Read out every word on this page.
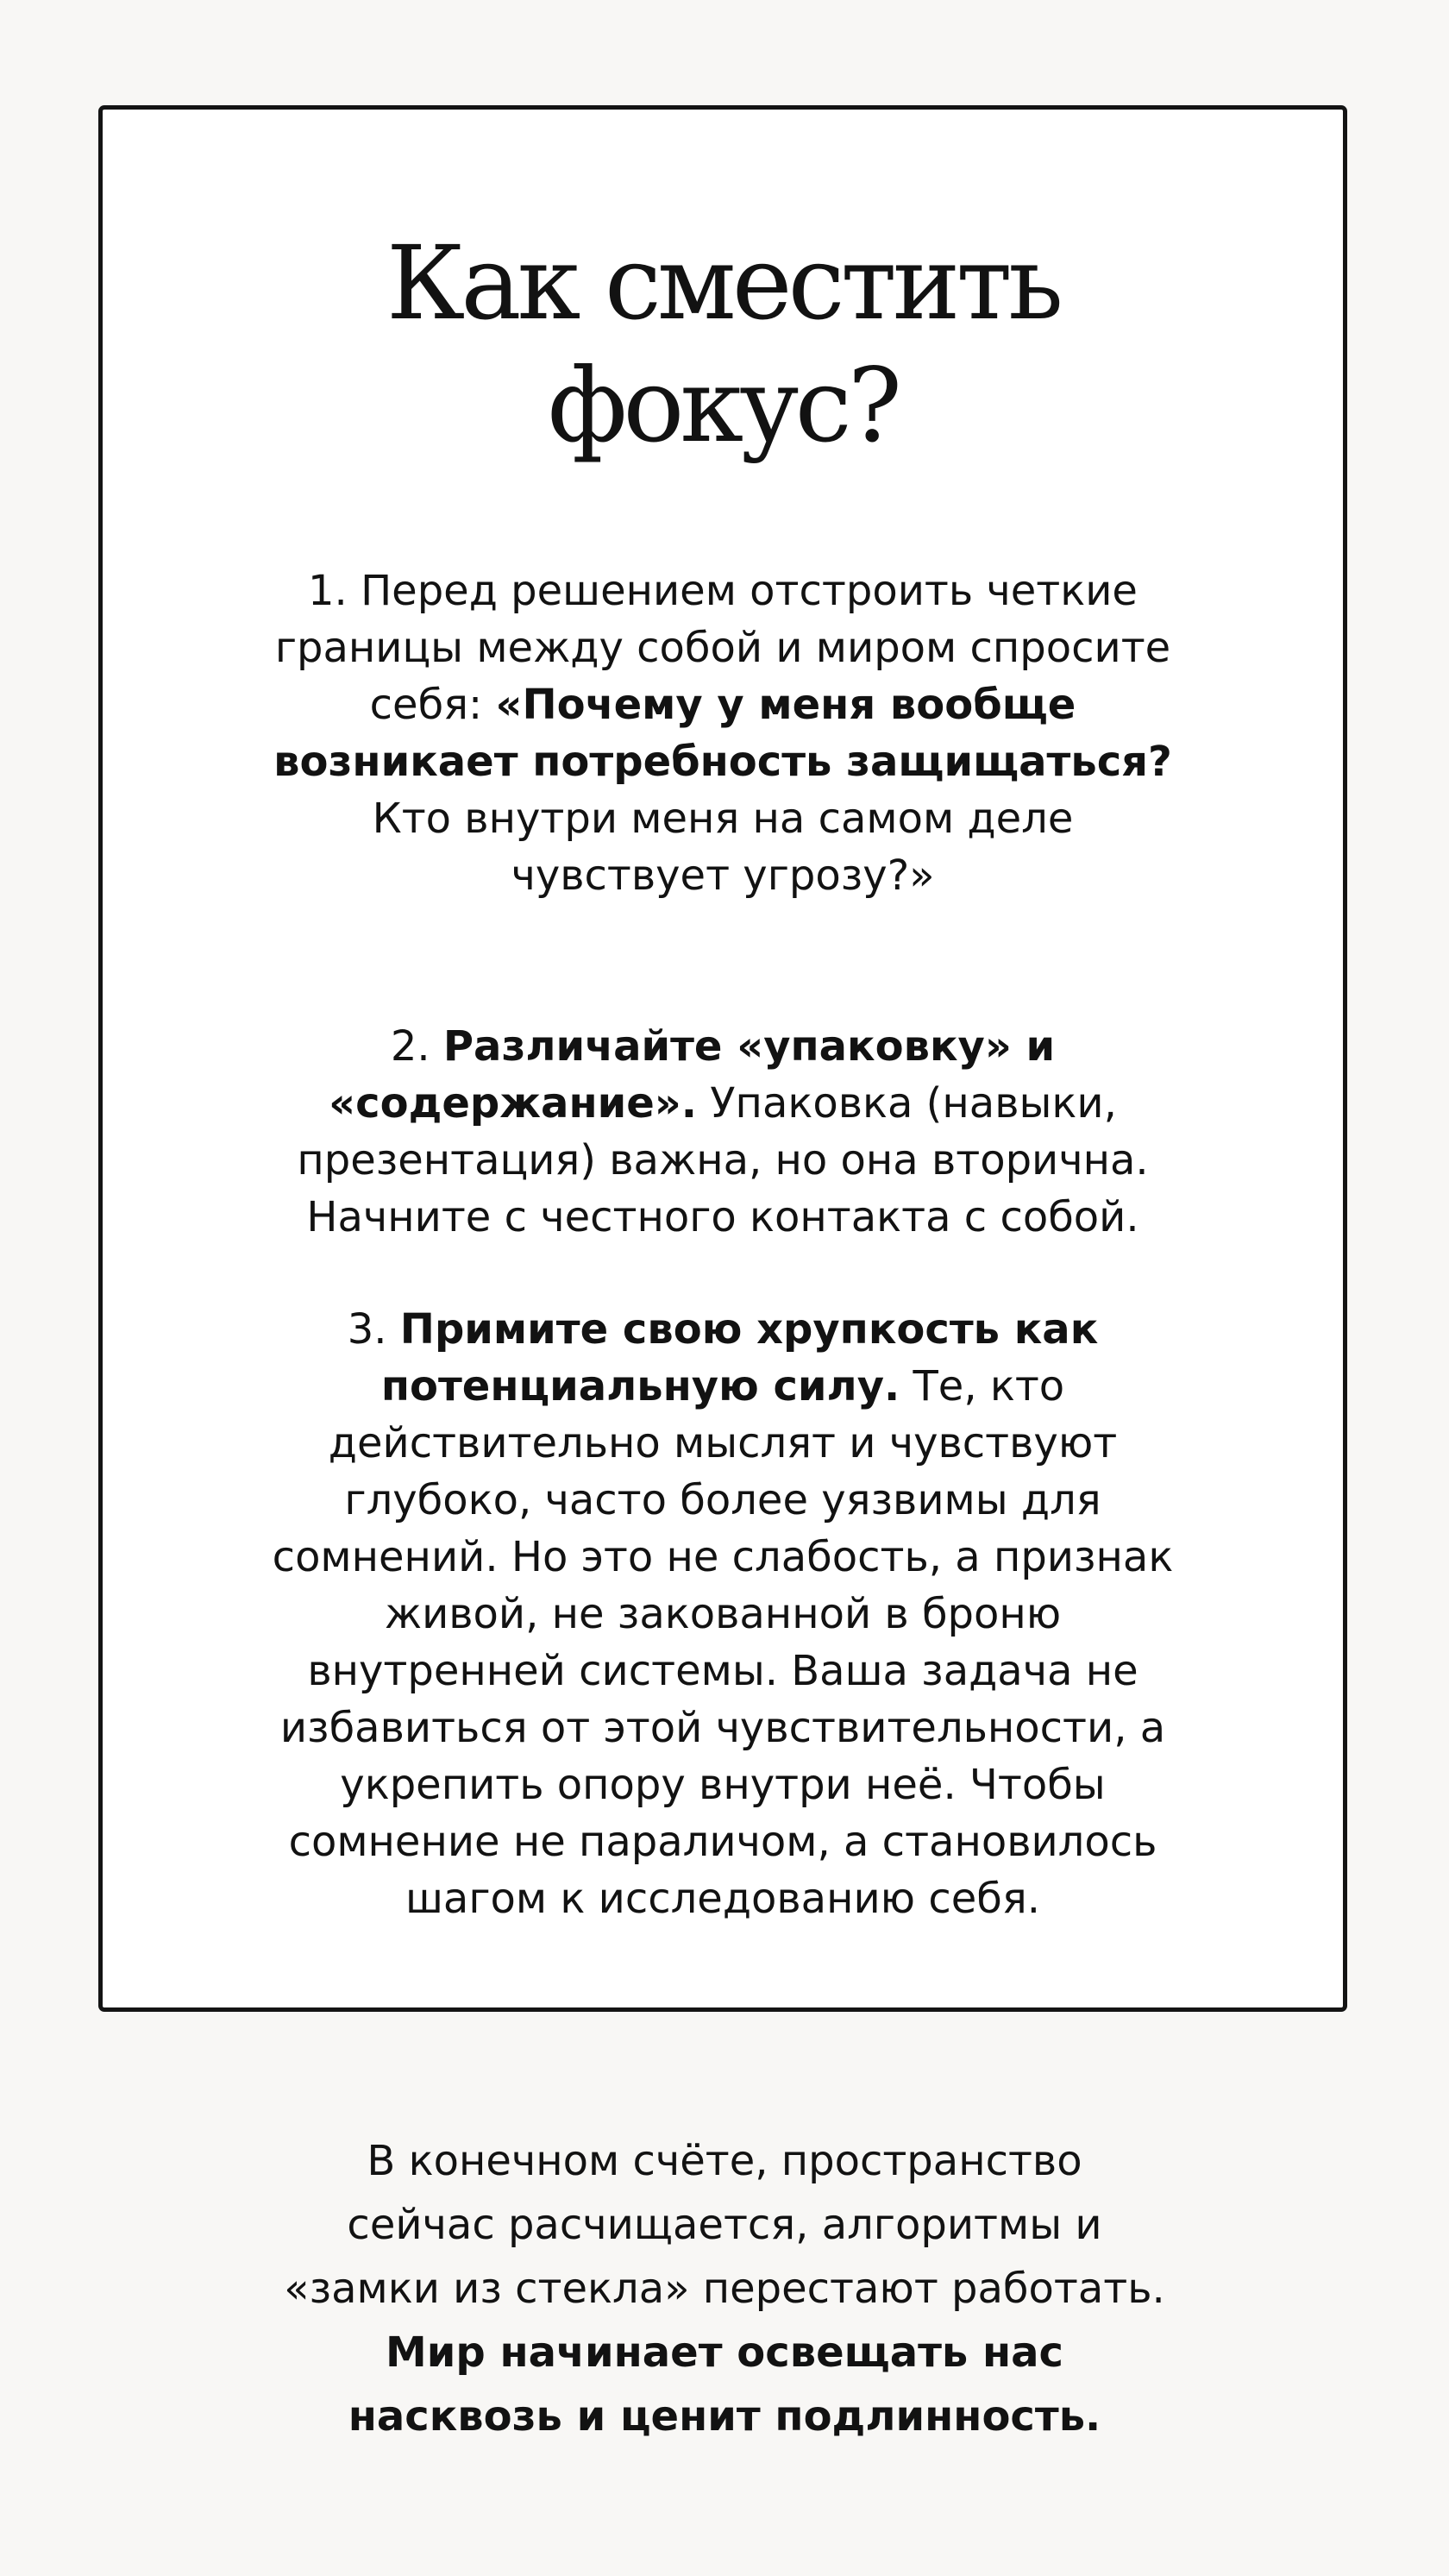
Как сместить
фокус?
1. Перед решением отстроить четкие
границы между собой и миром спросите
себя: «Почему у меня вообще
возникает потребность защищаться?
Кто внутри меня на самом деле
чувствует угрозу?»
2. Различайте «упаковку» и
«содержание». Упаковка (навыки,
презентация) важна, но она вторична.
Начните с честного контакта с собой.
3. Примите свою хрупкость как
потенциальную силу. Те, кто
действительно мыслят и чувствуют
глубоко, часто более уязвимы для
сомнений. Но это не слабость, а признак
живой, не закованной в броню
внутренней системы. Ваша задача не
избавиться от этой чувствительности, а
укрепить опору внутри неё. Чтобы
сомнение не параличом, а становилось
шагом к исследованию себя.
В конечном счёте, пространство
сейчас расчищается, алгоритмы и
«замки из стекла» перестают работать.
Мир начинает освещать нас
насквозь и ценит подлинность.
